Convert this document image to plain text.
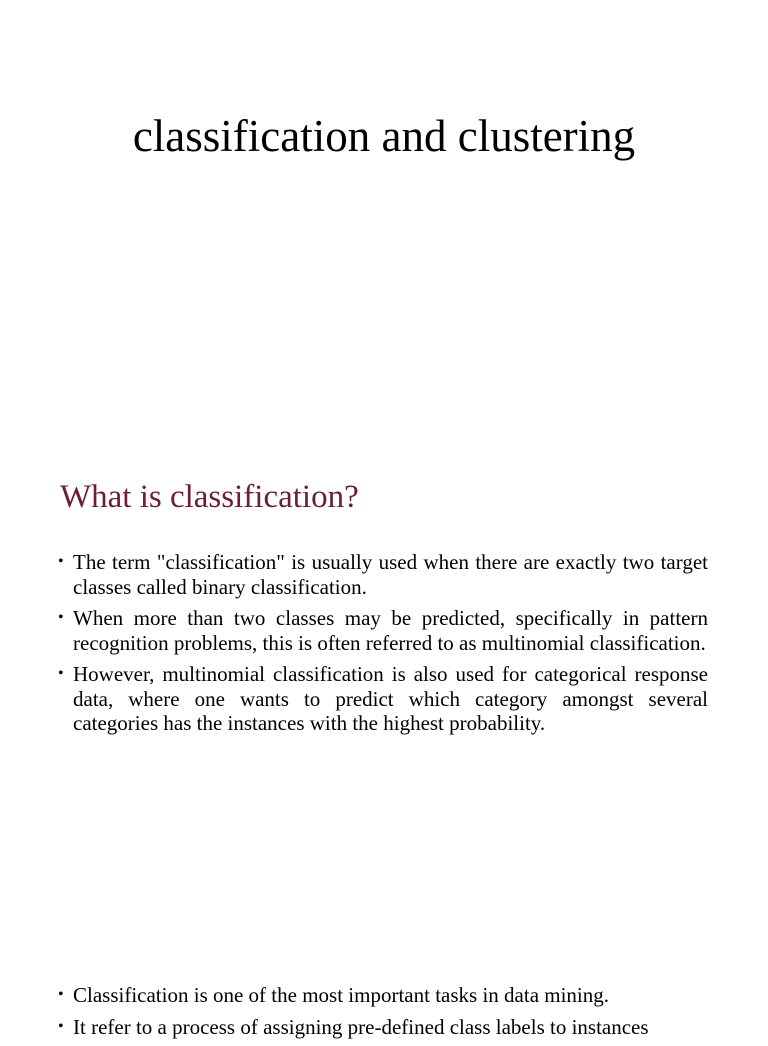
classification and clustering
What is classification?
• The term "classification" is usually used when there are exactly two target classes called binary classification.
• When more than two classes may be predicted, specifically in pattern recognition problems, this is often referred to as multinomial classification.
• However, multinomial classification is also used for categorical response data, where one wants to predict which category amongst several categories has the instances with the highest probability.
• Classification is one of the most important tasks in data mining.
• It refer to a process of assigning pre-defined class labels to instances
